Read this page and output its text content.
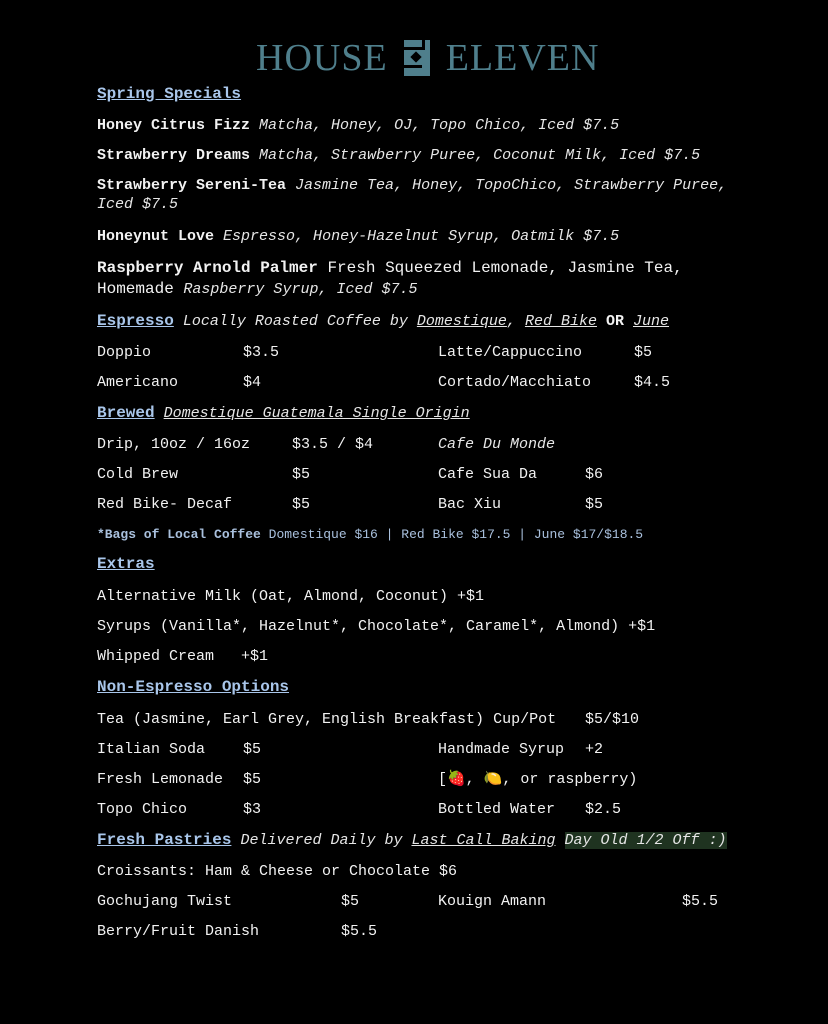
HOUSE ELEVEN
Spring Specials
Honey Citrus Fizz Matcha, Honey, OJ, Topo Chico, Iced $7.5
Strawberry Dreams Matcha, Strawberry Puree, Coconut Milk, Iced $7.5
Strawberry Sereni-Tea Jasmine Tea, Honey, TopoChico, Strawberry Puree,
Iced $7.5
Honeynut Love Espresso, Honey-Hazelnut Syrup, Oatmilk $7.5
Raspberry Arnold Palmer Fresh Squeezed Lemonade, Jasmine Tea,
Homemade Raspberry Syrup, Iced $7.5
Espresso Locally Roasted Coffee by Domestique, Red Bike OR June
Doppio	$3.5	Latte/Cappuccino	$5
Americano	$4	Cortado/Macchiato	$4.5
Brewed Domestique Guatemala Single Origin
Drip, 10oz / 16oz	$3.5 / $4	Cafe Du Monde
Cold Brew	$5	Cafe Sua Da	$6
Red Bike- Decaf	$5	Bac Xiu	$5
*Bags of Local Coffee Domestique $16 | Red Bike $17.5 | June $17/$18.5
Extras
Alternative Milk (Oat, Almond, Coconut) +$1
Syrups (Vanilla*, Hazelnut*, Chocolate*, Caramel*, Almond) +$1
Whipped Cream   +$1
Non-Espresso Options
Tea (Jasmine, Earl Grey, English Breakfast) Cup/Pot $5/$10
Italian Soda	$5	Handmade Syrup +2
Fresh Lemonade $5	[🍓, 🍋, or raspberry)
Topo Chico	$3	Bottled Water $2.5
Fresh Pastries Delivered Daily by Last Call Baking Day Old 1/2 Off :)
Croissants: Ham & Cheese or Chocolate $6
Gochujang Twist	$5	Kouign Amann	$5.5
Berry/Fruit Danish	$5.5
